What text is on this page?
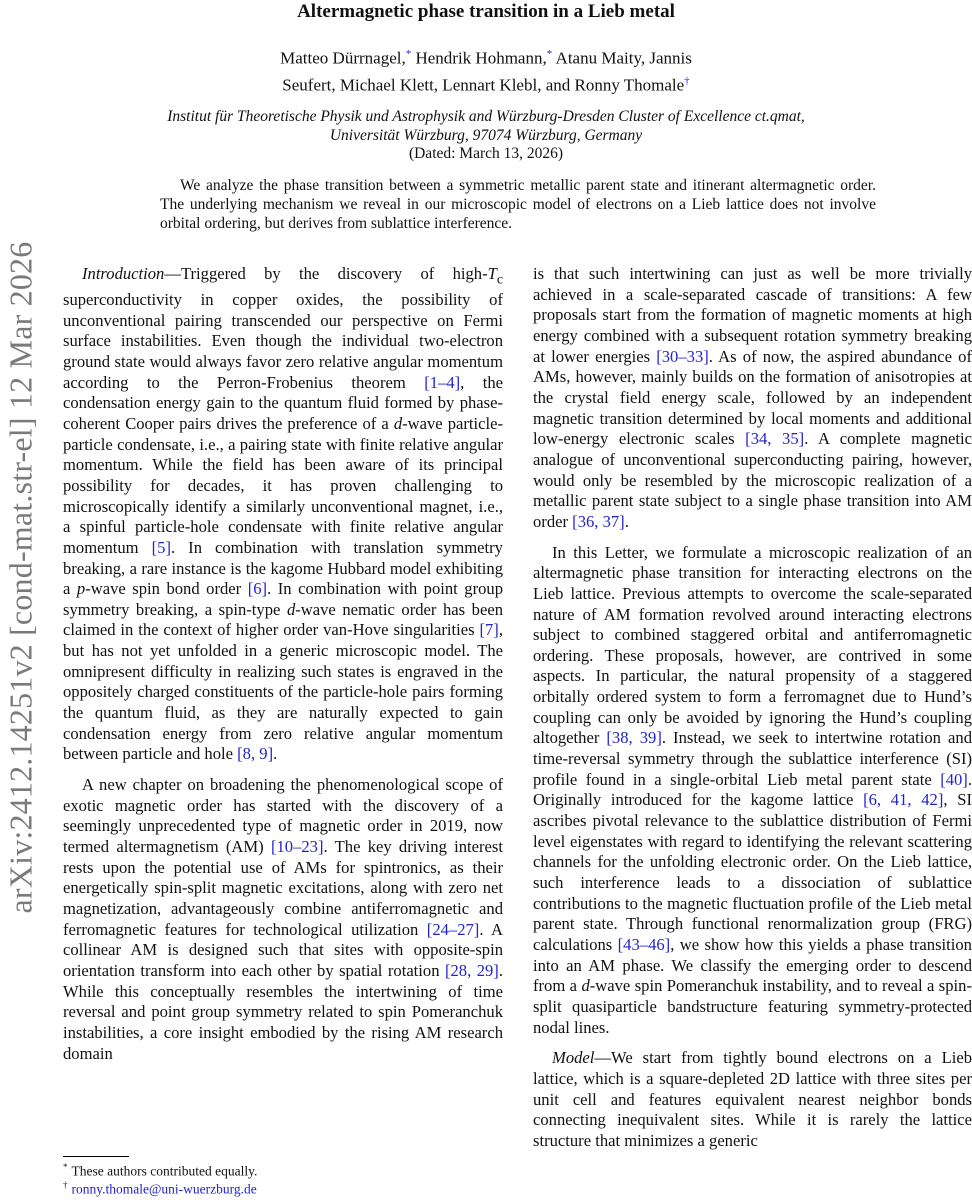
arXiv:2412.14251v2 [cond-mat.str-el] 12 Mar 2026
Altermagnetic phase transition in a Lieb metal
Matteo Dürrnagel,* Hendrik Hohmann,* Atanu Maity, Jannis
Seufert, Michael Klett, Lennart Klebl, and Ronny Thomale†
Institut für Theoretische Physik und Astrophysik and Würzburg-Dresden Cluster of Excellence ct.qmat,
Universität Würzburg, 97074 Würzburg, Germany
(Dated: March 13, 2026)
We analyze the phase transition between a symmetric metallic parent state and itinerant altermagnetic order. The underlying mechanism we reveal in our microscopic model of electrons on a Lieb lattice does not involve orbital ordering, but derives from sublattice interference.

Introduction—Triggered by the discovery of high-$T_c$ superconductivity in copper oxides, the possibility of unconventional pairing transcended our perspective on Fermi surface instabilities. Even though the individual two-electron ground state would always favor zero relative angular momentum according to the Perron-Frobenius theorem [1–4], the condensation energy gain to the quantum fluid formed by phase-coherent Cooper pairs drives the preference of a d-wave particle-particle condensate, i.e., a pairing state with finite relative angular momentum. While the field has been aware of its principal possibility for decades, it has proven challenging to microscopically identify a similarly unconventional magnet, i.e., a spinful particle-hole condensate with finite relative angular momentum [5]. In combination with translation symmetry breaking, a rare instance is the kagome Hubbard model exhibiting a p-wave spin bond order [6]. In combination with point group symmetry breaking, a spin-type d-wave nematic order has been claimed in the context of higher order van-Hove singularities [7], but has not yet unfolded in a generic microscopic model. The omnipresent difficulty in realizing such states is engraved in the oppositely charged constituents of the particle-hole pairs forming the quantum fluid, as they are naturally expected to gain condensation energy from zero relative angular momentum between particle and hole [8, 9].

A new chapter on broadening the phenomenological scope of exotic magnetic order has started with the discovery of a seemingly unprecedented type of magnetic order in 2019, now termed altermagnetism (AM) [10–23]. The key driving interest rests upon the potential use of AMs for spintronics, as their energetically spin-split magnetic excitations, along with zero net magnetization, advantageously combine antiferromagnetic and ferromagnetic features for technological utilization [24–27]. A collinear AM is designed such that sites with opposite-spin orientation transform into each other by spatial rotation [28, 29]. While this conceptually resembles the intertwining of time reversal and point group symmetry related to spin Pomeranchuk instabilities, a core insight embodied by the rising AM research domain

is that such intertwining can just as well be more trivially achieved in a scale-separated cascade of transitions: A few proposals start from the formation of magnetic moments at high energy combined with a subsequent rotation symmetry breaking at lower energies [30–33]. As of now, the aspired abundance of AMs, however, mainly builds on the formation of anisotropies at the crystal field energy scale, followed by an independent magnetic transition determined by local moments and additional low-energy electronic scales [34, 35]. A complete magnetic analogue of unconventional superconducting pairing, however, would only be resembled by the microscopic realization of a metallic parent state subject to a single phase transition into AM order [36, 37].

In this Letter, we formulate a microscopic realization of an altermagnetic phase transition for interacting electrons on the Lieb lattice. Previous attempts to overcome the scale-separated nature of AM formation revolved around interacting electrons subject to combined staggered orbital and antiferromagnetic ordering. These proposals, however, are contrived in some aspects. In particular, the natural propensity of a staggered orbitally ordered system to form a ferromagnet due to Hund’s coupling can only be avoided by ignoring the Hund’s coupling altogether [38, 39]. Instead, we seek to intertwine rotation and time-reversal symmetry through the sublattice interference (SI) profile found in a single-orbital Lieb metal parent state [40]. Originally introduced for the kagome lattice [6, 41, 42], SI ascribes pivotal relevance to the sublattice distribution of Fermi level eigenstates with regard to identifying the relevant scattering channels for the unfolding electronic order. On the Lieb lattice, such interference leads to a dissociation of sublattice contributions to the magnetic fluctuation profile of the Lieb metal parent state. Through functional renormalization group (FRG) calculations [43–46], we show how this yields a phase transition into an AM phase. We classify the emerging order to descend from a d-wave spin Pomeranchuk instability, and to reveal a spin-split quasiparticle bandstructure featuring symmetry-protected nodal lines.

Model—We start from tightly bound electrons on a Lieb lattice, which is a square-depleted 2D lattice with three sites per unit cell and features equivalent nearest neighbor bonds connecting inequivalent sites. While it is rarely the lattice structure that minimizes a generic

* These authors contributed equally.
† ronny.thomale@uni-wuerzburg.de
